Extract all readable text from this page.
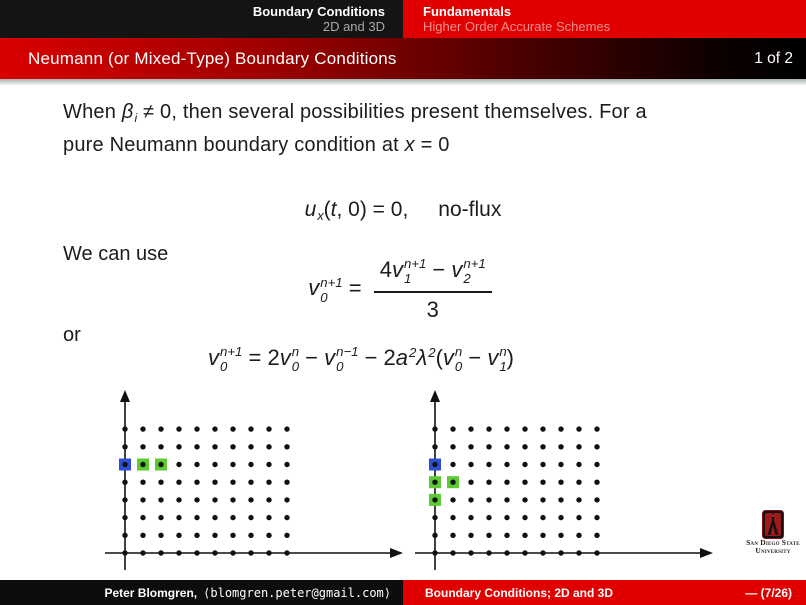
Boundary Conditions
2D and 3D
Fundamentals
Higher Order Accurate Schemes
Neumann (or Mixed-Type) Boundary Conditions	1 of 2
When βi ≠ 0, then several possibilities present themselves. For a
pure Neumann boundary condition at x = 0
ux(t, 0) = 0, no-flux
We can use
v n+1
0 = 4v n+1
1 − v n+1
2
3
or
v n+1
0 = 2v n
0 − v n−1
$0 - 2a^2\lambda^2(v$ n
0 − v n
1 )
San Diego State
University
Peter Blomgren, ⟨blomgren.peter@gmail.com⟩	Boundary Conditions; 2D and 3D	— (7/26)
